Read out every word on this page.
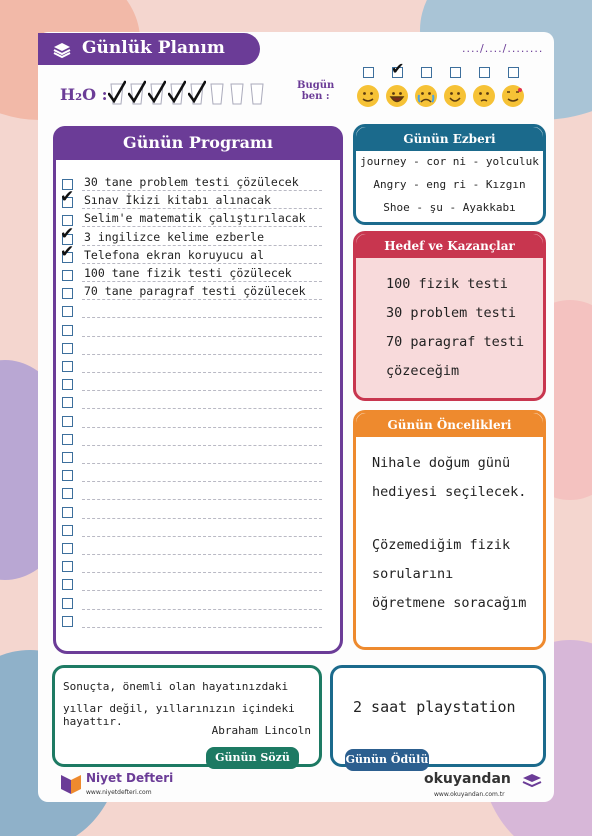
Günlük Planım	..../..../........
H₂O :	Bugün
ben :
✔
Günün Programı
30 tane problem testi çözülecek
Sınav İkizi kitabı alınacak
✔
Selim'e matematik çalıştırılacak
3 ingilizce kelime ezberle
✔
Telefona ekran koruyucu al
✔
100 tane fizik testi çözülecek
70 tane paragraf testi çözülecek
Günün Ezberi
journey - cor ni - yolculuk
Angry - eng ri - Kızgın
Shoe - şu - Ayakkabı
Hedef ve Kazançlar
100 fizik testi
30 problem testi
70 paragraf testi
çözeceğim
Günün Öncelikleri
Nihale doğum günü
hediyesi seçilecek.
Çözemediğim fizik
sorularını
öğretmene soracağım
Sonuçta, önemli olan hayatınızdaki
yıllar değil, yıllarınızın içindeki hayattır.
Abraham Lincoln
Günün Sözü
2 saat playstation
Günün Ödülü
Niyet Defteri
www.niyetdefteri.com
okuyandan
www.okuyandan.com.tr
